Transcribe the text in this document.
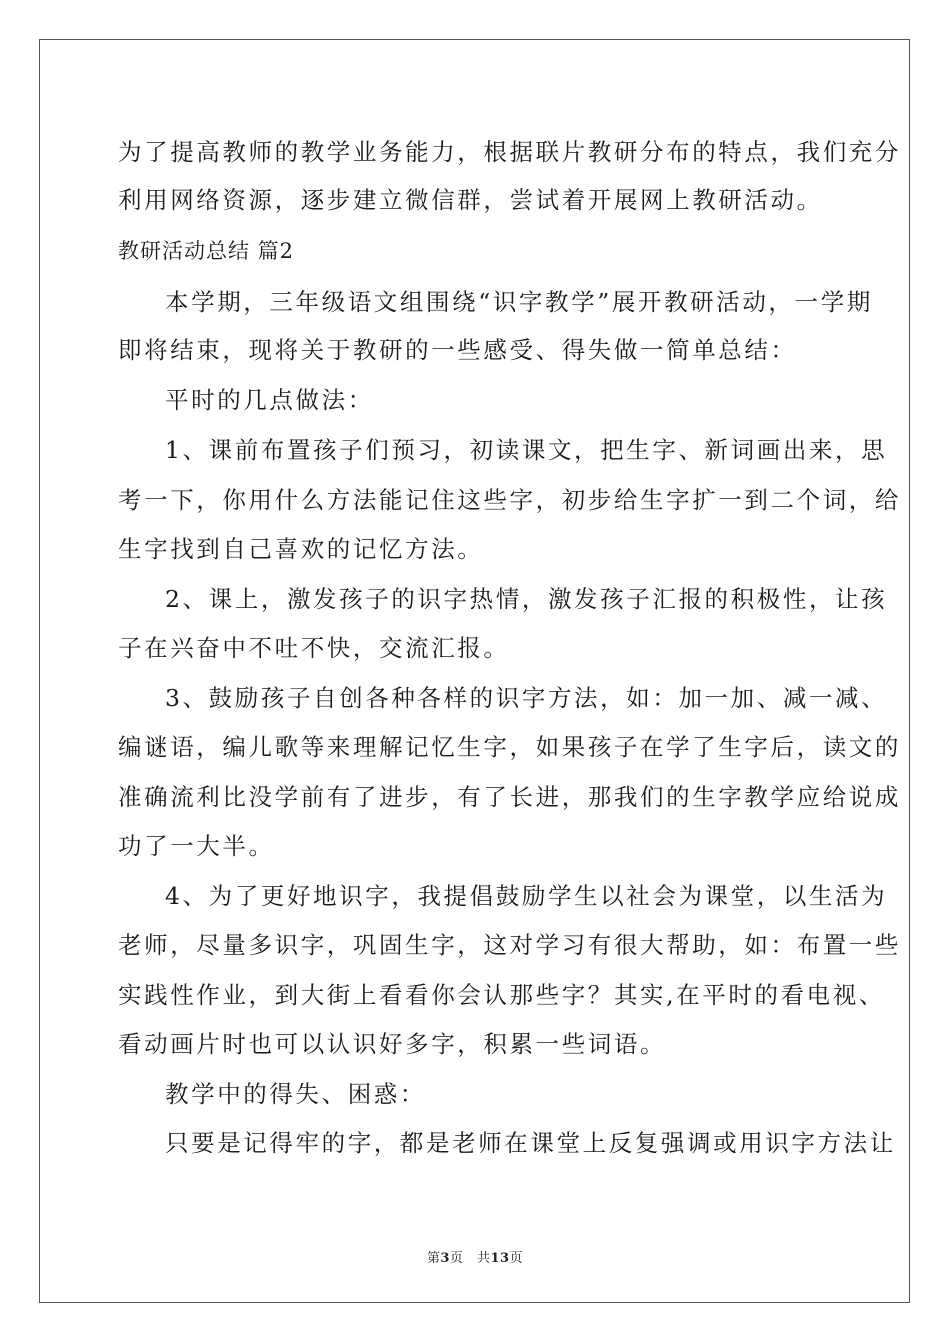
为了提高教师的教学业务能力，根据联片教研分布的特点，我们充分
利用网络资源，逐步建立微信群，尝试着开展网上教研活动。
教研活动总结 篇2
本学期，三年级语文组围绕“识字教学”展开教研活动，一学期
即将结束，现将关于教研的一些感受、得失做一简单总结：
平时的几点做法：
1、课前布置孩子们预习，初读课文，把生字、新词画出来，思
考一下，你用什么方法能记住这些字，初步给生字扩一到二个词，给
生字找到自己喜欢的记忆方法。
2、课上，激发孩子的识字热情，激发孩子汇报的积极性，让孩
子在兴奋中不吐不快，交流汇报。
3、鼓励孩子自创各种各样的识字方法，如：加一加、减一减、
编谜语，编儿歌等来理解记忆生字，如果孩子在学了生字后，读文的
准确流利比没学前有了进步，有了长进，那我们的生字教学应给说成
功了一大半。
4、为了更好地识字，我提倡鼓励学生以社会为课堂，以生活为
老师，尽量多识字，巩固生字，这对学习有很大帮助，如：布置一些
实践性作业，到大街上看看你会认那些字？其实,在平时的看电视、
看动画片时也可以认识好多字，积累一些词语。
教学中的得失、困惑：
只要是记得牢的字，都是老师在课堂上反复强调或用识字方法让
第3页　共13页
